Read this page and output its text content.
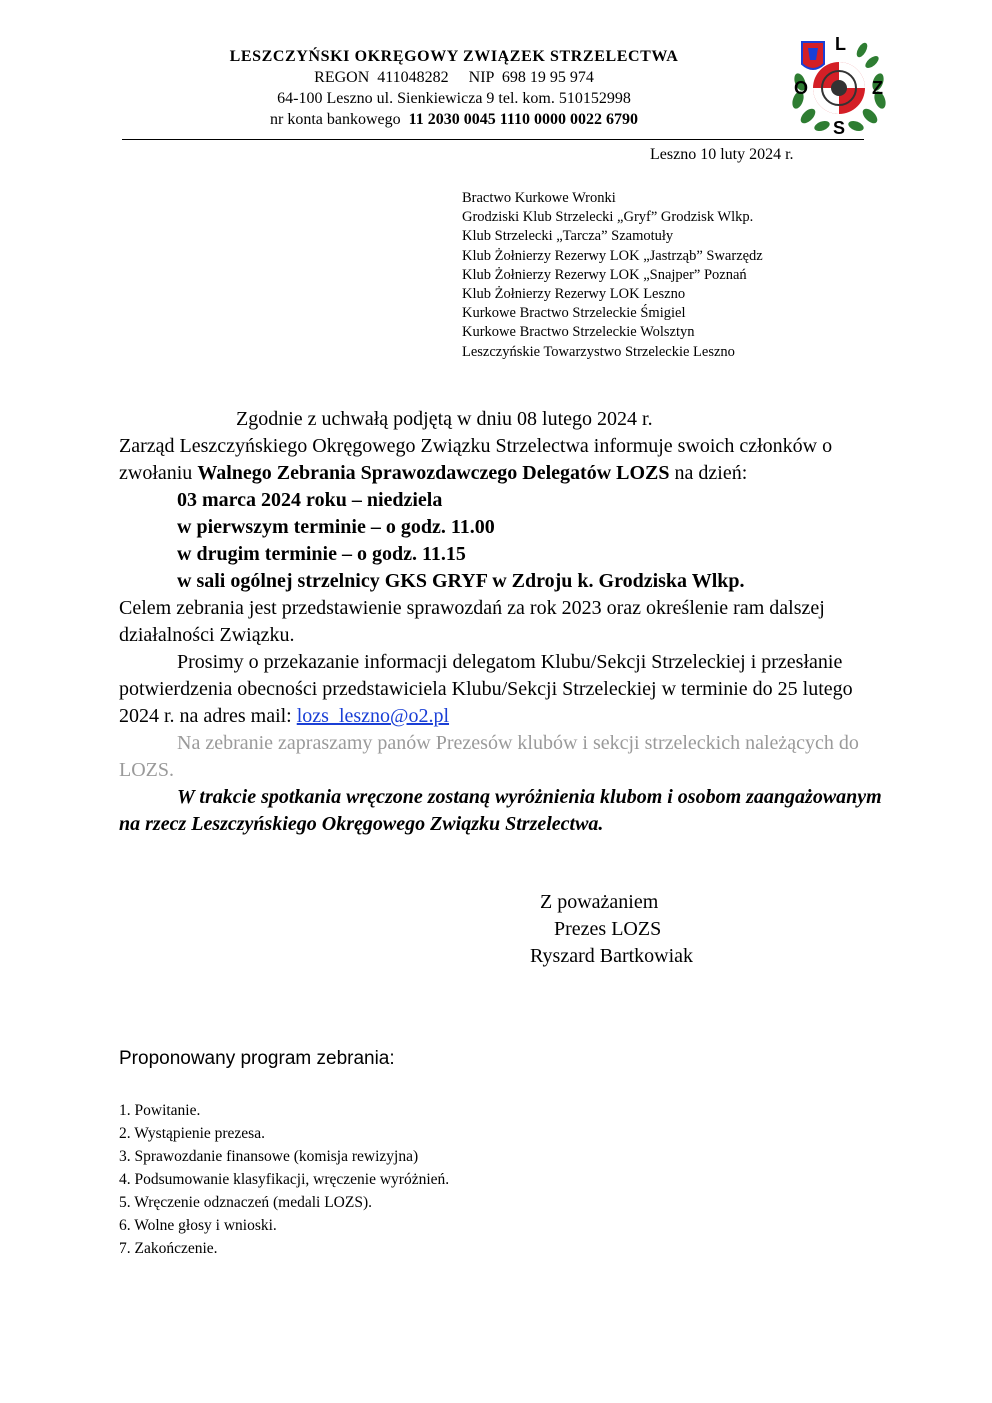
LESZCZYŃSKI OKRĘGOWY ZWIĄZEK STRZELECTWA
REGON  411048282     NIP  698 19 95 974
64-100 Leszno ul. Sienkiewicza 9 tel. kom. 510152998
nr konta bankowego 11 2030 0045 1110 0000 0022 6790
L
O	Z
S
Leszno 10 luty 2024 r.
Bractwo Kurkowe Wronki
Grodziski Klub Strzelecki „Gryf” Grodzisk Wlkp.
Klub Strzelecki „Tarcza” Szamotuły
Klub Żołnierzy Rezerwy LOK „Jastrząb” Swarzędz
Klub Żołnierzy Rezerwy LOK „Snajper” Poznań
Klub Żołnierzy Rezerwy LOK Leszno
Kurkowe Bractwo Strzeleckie Śmigiel
Kurkowe Bractwo Strzeleckie Wolsztyn
Leszczyńskie Towarzystwo Strzeleckie Leszno

Zgodnie z uchwałą podjętą w dniu 08 lutego 2024 r.

Zarząd Leszczyńskiego Okręgowego Związku Strzelectwa informuje swoich członków o zwołaniu Walnego Zebrania Sprawozdawczego Delegatów LOZS na dzień:

03 marca 2024 roku – niedziela

w pierwszym terminie – o godz. 11.00

w drugim terminie – o godz. 11.15

w sali ogólnej strzelnicy GKS GRYF w Zdroju k. Grodziska Wlkp.

Celem zebrania jest przedstawienie sprawozdań za rok 2023 oraz określenie ram dalszej działalności Związku.

Prosimy o przekazanie informacji delegatom Klubu/Sekcji Strzeleckiej i przesłanie potwierdzenia obecności przedstawiciela Klubu/Sekcji Strzeleckiej w terminie do 25 lutego 2024 r. na adres mail: lozs_leszno@o2.pl

Na zebranie zapraszamy panów Prezesów klubów i sekcji strzeleckich należących do LOZS.

W trakcie spotkania wręczone zostaną wyróżnienia klubom i osobom zaangażowanym na rzecz Leszczyńskiego Okręgowego Związku Strzelectwa.

Z poważaniem
Prezes LOZS
Ryszard Bartkowiak
Proponowany program zebrania:
1. Powitanie.
2. Wystąpienie prezesa.
3. Sprawozdanie finansowe (komisja rewizyjna)
4. Podsumowanie klasyfikacji, wręczenie wyróżnień.
5. Wręczenie odznaczeń (medali LOZS).
6. Wolne głosy i wnioski.
7. Zakończenie.
